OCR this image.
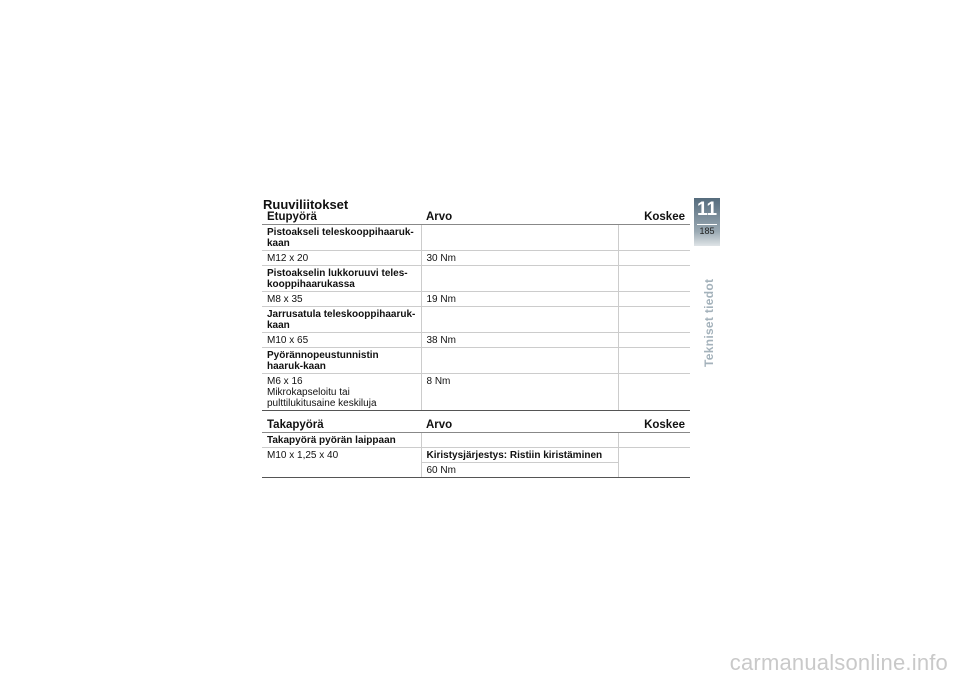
Ruuviliitokset
Etupyörä	Arvo	Koskee
Pistoakseli teleskooppihaaruk-kaan		
M12 x 20	30 Nm	
Pistoakselin lukkoruuvi teles-kooppihaarukassa		
M8 x 35	19 Nm	
Jarrusatula teleskooppihaaruk-kaan		
M10 x 65	38 Nm	
Pyörännopeustunnistin haaruk-kaan		

M6 x 16
Mikrokapseloitu tai pulttilukitusaine keskiluja	8 Nm	
Takapyörä	Arvo	Koskee
Takapyörä pyörän laippaan		
M10 x 1,25 x 40	Kiristysjärjestys: Ristiin kiristäminen	
	60 Nm	
11
185
Tekniset tiedot
carmanualsonline.info
